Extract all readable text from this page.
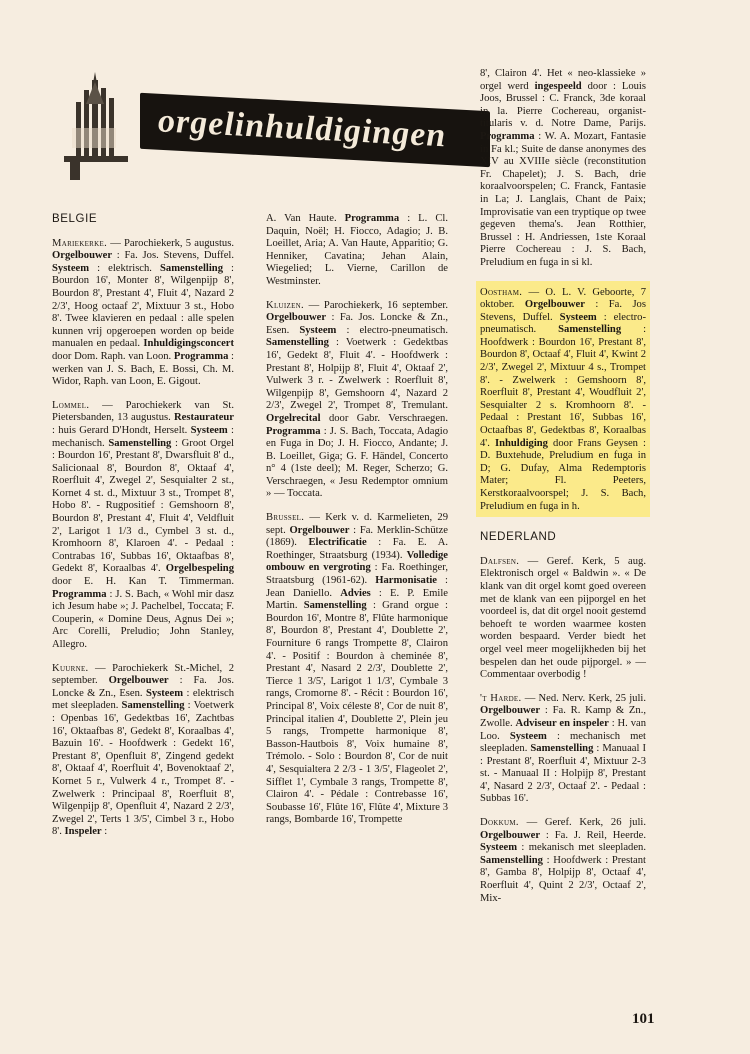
orgelinhuldigingen
BELGIE

Mariekerke. — Parochiekerk, 5 augustus. Orgelbouwer : Fa. Jos. Stevens, Duffel. Systeem : elektrisch. Samenstelling : Bourdon 16', Monter 8', Wilgenpijp 8', Bourdon 8', Prestant 4', Fluit 4', Nazard 2 2/3', Hoog octaaf 2', Mixtuur 3 st., Hobo 8'. Twee klavieren en pedaal : alle spelen kunnen vrij opgeroepen worden op beide manualen en pedaal. Inhuldigingsconcert door Dom. Raph. van Loon. Programma : werken van J. S. Bach, E. Bossi, Ch. M. Widor, Raph. van Loon, E. Gigout.

Lommel. — Parochiekerk van St. Pietersbanden, 13 augustus. Restaurateur : huis Gerard D'Hondt, Herselt. Systeem : mechanisch. Samenstelling : Groot Orgel : Bourdon 16', Prestant 8', Dwarsfluit 8' d., Salicionaal 8', Bourdon 8', Oktaaf 4', Roerfluit 4', Zwegel 2', Sesquialter 2 st., Kornet 4 st. d., Mixtuur 3 st., Trompet 8', Hobo 8'. - Rugpositief : Gemshoorn 8', Bourdon 8', Prestant 4', Fluit 4', Veldfluit 2', Larigot 1 1/3 d., Cymbel 3 st. d., Kromhoorn 8', Klaroen 4'. - Pedaal : Contrabas 16', Subbas 16', Oktaafbas 8', Gedekt 8', Koraalbas 4'. Orgelbespeling door E. H. Kan T. Timmerman. Programma : J. S. Bach, « Wohl mir dasz ich Jesum habe »; J. Pachelbel, Toccata; F. Couperin, « Domine Deus, Agnus Dei »; Arc Corelli, Preludio; John Stanley, Allegro.

Kuurne. — Parochiekerk St.-Michel, 2 september. Orgelbouwer : Fa. Jos. Loncke & Zn., Esen. Systeem : elektrisch met sleepladen. Samenstelling : Voetwerk : Openbas 16', Gedektbas 16', Zachtbas 16', Oktaafbas 8', Gedekt 8', Koraalbas 4', Bazuin 16'. - Hoofdwerk : Gedekt 16', Prestant 8', Openfluit 8', Zingend gedekt 8', Oktaaf 4', Roerfluit 4', Bovenoktaaf 2', Kornet 5 r., Vulwerk 4 r., Trompet 8'. - Zwelwerk : Principaal 8', Roerfluit 8', Wilgenpijp 8', Openfluit 4', Nazard 2 2/3', Zwegel 2', Terts 1 3/5', Cimbel 3 r., Hobo 8'. Inspeler :

A. Van Haute. Programma : L. Cl. Daquin, Noël; H. Fiocco, Adagio; J. B. Loeillet, Aria; A. Van Haute, Apparitio; G. Henniker, Cavatina; Jehan Alain, Wiegelied; L. Vierne, Carillon de Westminster.

Kluizen. — Parochiekerk, 16 september. Orgelbouwer : Fa. Jos. Loncke & Zn., Esen. Systeem : electro-pneumatisch. Samenstelling : Voetwerk : Gedektbas 16', Gedekt 8', Fluit 4'. - Hoofdwerk : Prestant 8', Holpijp 8', Fluit 4', Oktaaf 2', Vulwerk 3 r. - Zwelwerk : Roerfluit 8', Wilgenpijp 8', Gemshoorn 4', Nazard 2 2/3', Zwegel 2', Trompet 8', Tremulant. Orgelrecital door Gabr. Verschraegen. Programma : J. S. Bach, Toccata, Adagio en Fuga in Do; J. H. Fiocco, Andante; J. B. Loeillet, Giga; G. F. Händel, Concerto n° 4 (1ste deel); M. Reger, Scherzo; G. Verschraegen, « Jesu Redemptor omnium » — Toccata.

Brussel. — Kerk v. d. Karmelieten, 29 sept. Orgelbouwer : Fa. Merklin-Schütze (1869). Electrificatie : Fa. E. A. Roethinger, Straatsburg (1934). Volledige ombouw en vergroting : Fa. Roethinger, Straatsburg (1961-62). Harmonisatie : Jean Daniello. Advies : E. P. Emile Martin. Samenstelling : Grand orgue : Bourdon 16', Montre 8', Flûte harmonique 8', Bourdon 8', Prestant 4', Doublette 2', Fourniture 6 rangs Trompette 8', Clairon 4'. - Positif : Bourdon à cheminée 8', Prestant 4', Nasard 2 2/3', Doublette 2', Tierce 1 3/5', Larigot 1 1/3', Cymbale 3 rangs, Cromorne 8'. - Récit : Bourdon 16', Principal 8', Voix céleste 8', Cor de nuit 8', Principal italien 4', Doublette 2', Plein jeu 5 rangs, Trompette harmonique 8', Basson-Hautbois 8', Voix humaine 8', Trémolo. - Solo : Bourdon 8', Cor de nuit 4', Sesquialtera 2 2/3 - 1 3/5', Flageolet 2', Sifflet 1', Cymbale 3 rangs, Trompette 8', Clairon 4'. - Pédale : Contrebasse 16', Soubasse 16', Flûte 16', Flûte 4', Mixture 3 rangs, Bombarde 16', Trompette

8', Clairon 4'. Het « neo-klassieke » orgel werd ingespeeld door : Louis Joos, Brussel : C. Franck, 3de koraal in la. Pierre Cochereau, organist-titularis v. d. Notre Dame, Parijs. Programma : W. A. Mozart, Fantasie in Fa kl.; Suite de danse anonymes des XIV au XVIIIe siècle (reconstitution Fr. Chapelet); J. S. Bach, drie koraalvoorspelen; C. Franck, Fantasie in La; J. Langlais, Chant de Paix; Improvisatie van een tryptique op twee gegeven thema's. Jean Rotthier, Brussel : H. Andriessen, 1ste Koraal Pierre Cochereau : J. S. Bach, Preludium en fuga in si kl.
Oostham. — O. L. V. Geboorte, 7 oktober. Orgelbouwer : Fa. Jos Stevens, Duffel. Systeem : electro-pneumatisch. Samenstelling : Hoofdwerk : Bourdon 16', Prestant 8', Bourdon 8', Octaaf 4', Fluit 4', Kwint 2 2/3', Zwegel 2', Mixtuur 4 s., Trompet 8'. - Zwelwerk : Gemshoorn 8', Roerfluit 8', Prestant 4', Woudfluit 2', Sesquialter 2 s. Kromhoorn 8'. - Pedaal : Prestant 16', Subbas 16', Octaafbas 8', Gedektbas 8', Koraalbas 4'. Inhuldiging door Frans Geysen : D. Buxtehude, Preludium en fuga in D; G. Dufay, Alma Redemptoris Mater; Fl. Peeters, Kerstkoraalvoorspel; J. S. Bach, Preludium en fuga in h.
NEDERLAND

Dalfsen. — Geref. Kerk, 5 aug. Elektronisch orgel « Baldwin ». « De klank van dit orgel komt goed overeen met de klank van een pijporgel en het voordeel is, dat dit orgel nooit gestemd behoeft te worden waarmee kosten worden bespaard. Verder biedt het orgel veel meer mogelijkheden bij het bespelen dan het oude pijporgel. » — Commentaar overbodig !

't Harde. — Ned. Nerv. Kerk, 25 juli. Orgelbouwer : Fa. R. Kamp & Zn., Zwolle. Adviseur en inspeler : H. van Loo. Systeem : mechanisch met sleepladen. Samenstelling : Manuaal I : Prestant 8', Roerfluit 4', Mixtuur 2-3 st. - Manuaal II : Holpijp 8', Prestant 4', Nasard 2 2/3', Octaaf 2'. - Pedaal : Subbas 16'.

Dokkum. — Geref. Kerk, 26 juli. Orgelbouwer : Fa. J. Reil, Heerde. Systeem : mekanisch met sleepladen. Samenstelling : Hoofdwerk : Prestant 8', Gamba 8', Holpijp 8', Octaaf 4', Roerfluit 4', Quint 2 2/3', Octaaf 2', Mix-

101
